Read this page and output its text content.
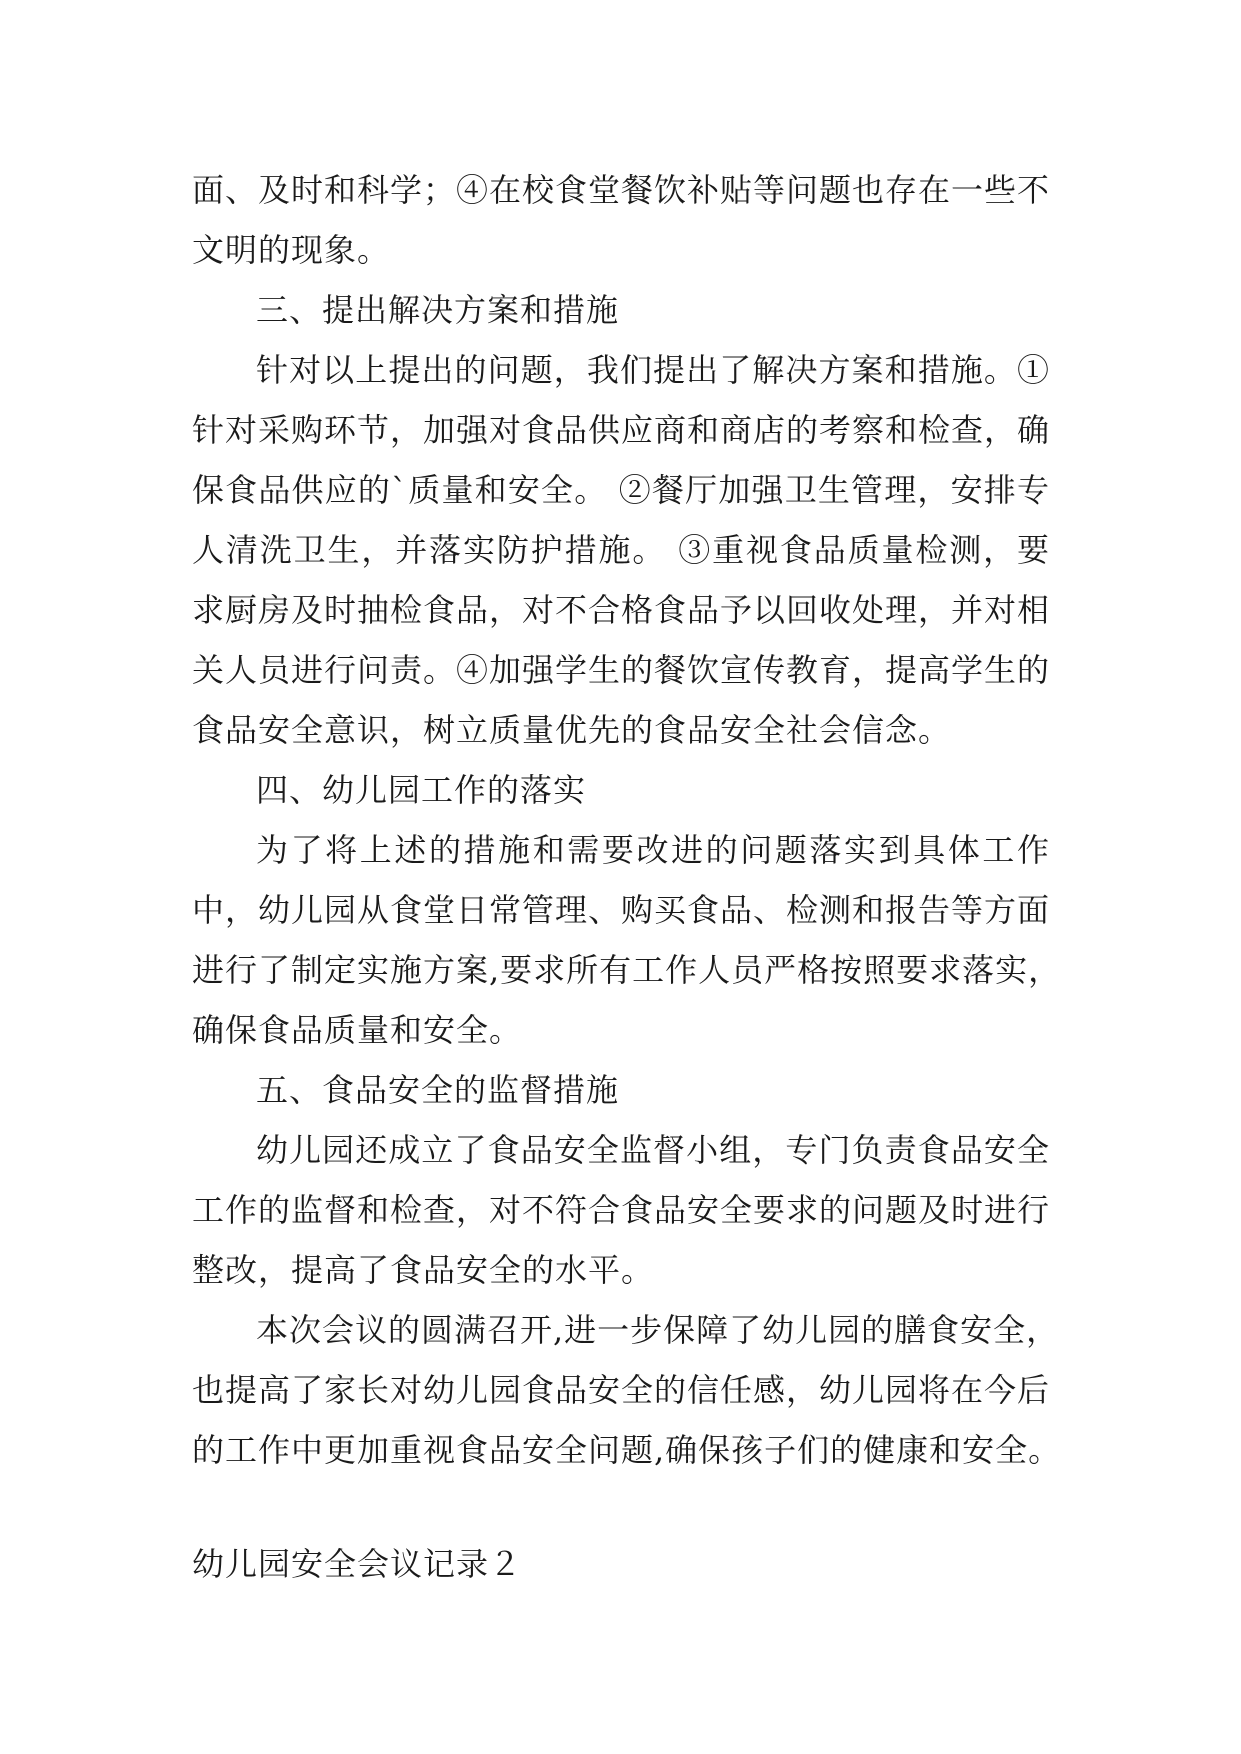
面、及时和科学；④在校食堂餐饮补贴等问题也存在一些不
文明的现象。
三、提出解决方案和措施
针对以上提出的问题，我们提出了解决方案和措施。①
针对采购环节，加强对食品供应商和商店的考察和检查，确
保食品供应的`质量和安全。 ②餐厅加强卫生管理，安排专
人清洗卫生，并落实防护措施。 ③重视食品质量检测，要
求厨房及时抽检食品，对不合格食品予以回收处理，并对相
关人员进行问责。④加强学生的餐饮宣传教育，提高学生的
食品安全意识，树立质量优先的食品安全社会信念。
四、幼儿园工作的落实
为了将上述的措施和需要改进的问题落实到具体工作
中，幼儿园从食堂日常管理、购买食品、检测和报告等方面
进行了制定实施方案,要求所有工作人员严格按照要求落实，
确保食品质量和安全。
五、食品安全的监督措施
幼儿园还成立了食品安全监督小组，专门负责食品安全
工作的监督和检查，对不符合食品安全要求的问题及时进行
整改，提高了食品安全的水平。
本次会议的圆满召开,进一步保障了幼儿园的膳食安全，
也提高了家长对幼儿园食品安全的信任感，幼儿园将在今后
的工作中更加重视食品安全问题,确保孩子们的健康和安全。
幼儿园安全会议记录２
